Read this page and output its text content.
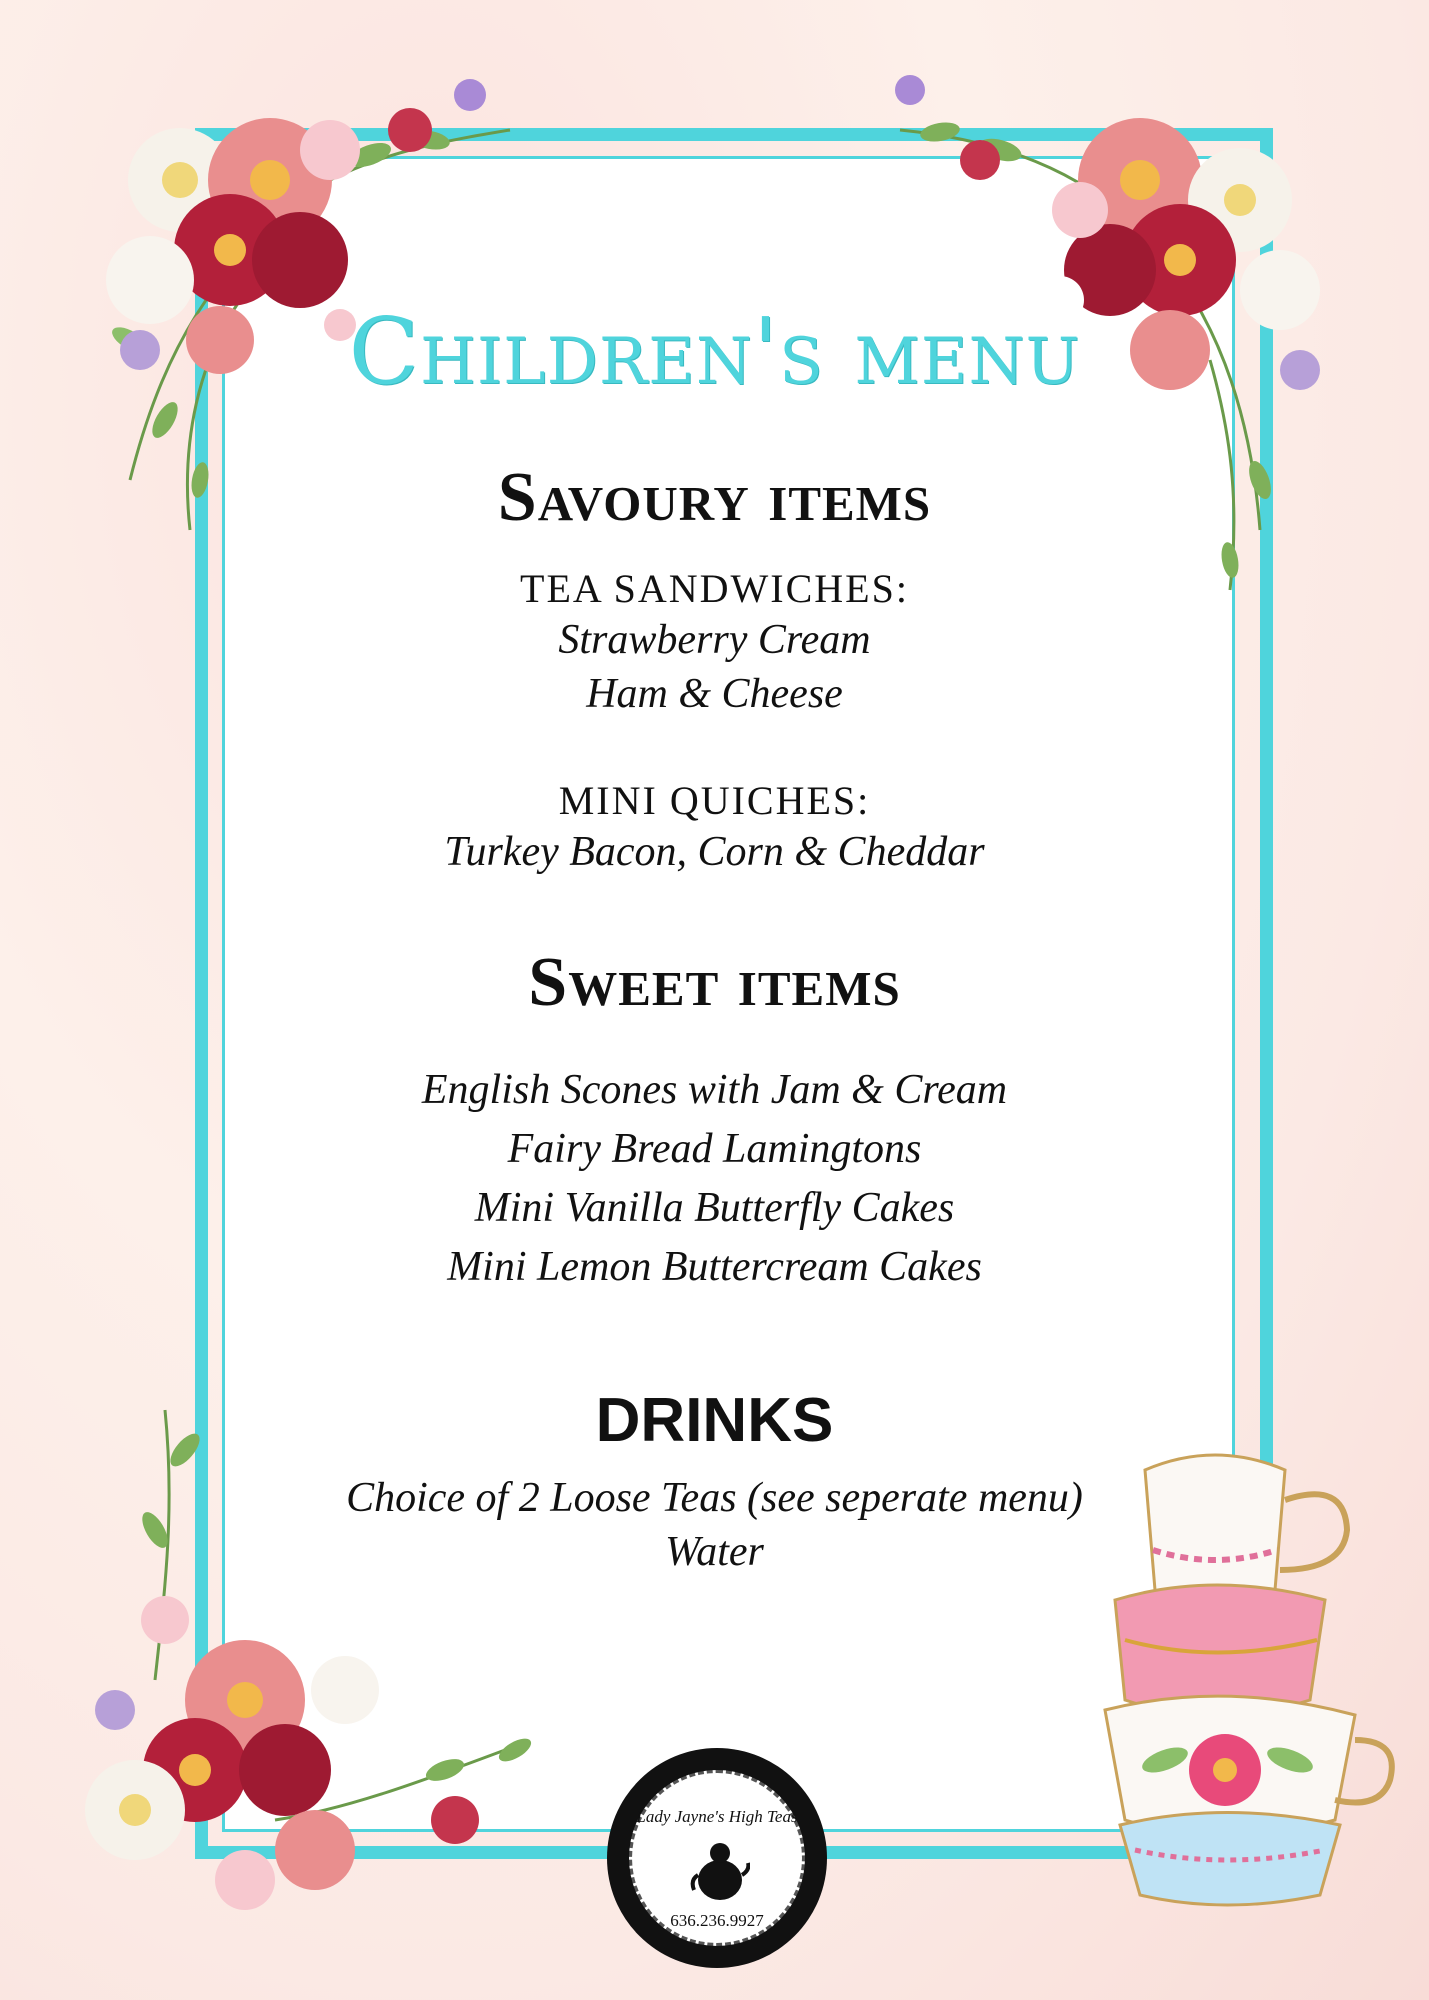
Children's menu
Savoury items
TEA SANDWICHES:
Strawberry Cream
Ham & Cheese
MINI QUICHES:
Turkey Bacon, Corn & Cheddar
Sweet items
English Scones with Jam & Cream
Fairy Bread Lamingtons
Mini Vanilla Butterfly Cakes
Mini Lemon Buttercream Cakes
DRINKS
Choice of 2 Loose Teas (see seperate menu)
Water
Lady Jayne's High Teas
636.236.9927
